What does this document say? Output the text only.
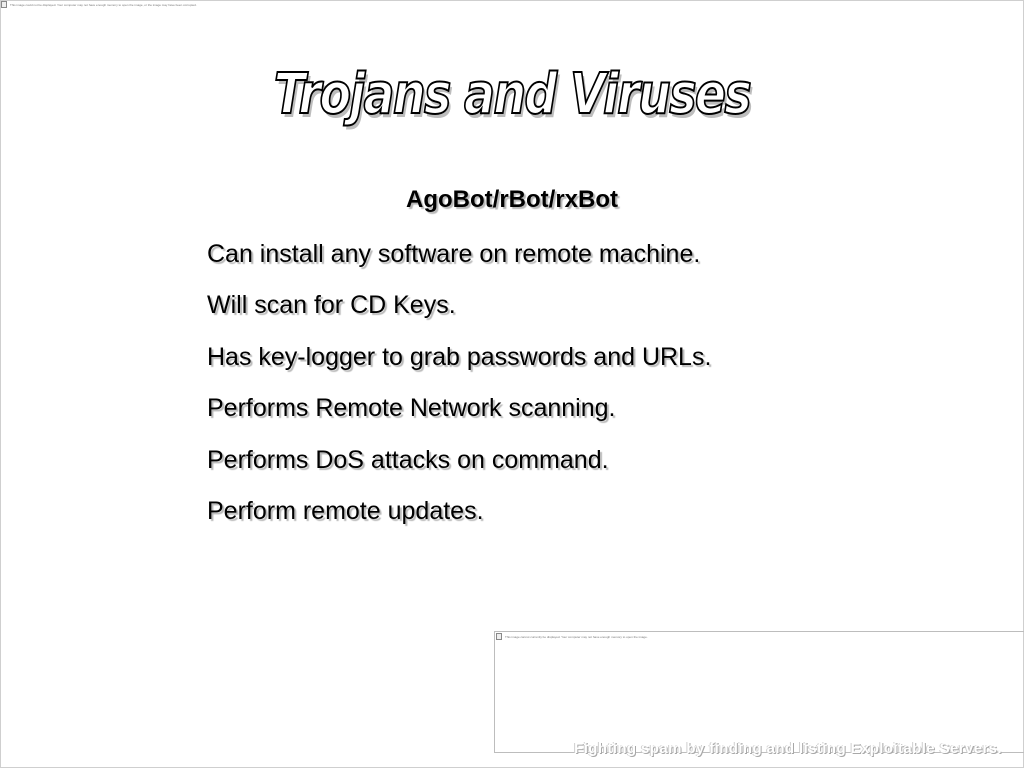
This image could not be displayed. Your computer may not have enough memory to open the image, or the image may have been corrupted.
Trojans and Viruses
AgoBot/rBot/rxBot
Can install any software on remote machine.
Will scan for CD Keys.
Has key-logger to grab passwords and URLs.
Performs Remote Network scanning.
Performs DoS attacks on command.
Perform remote updates.
This image cannot currently be displayed. Your computer may not have enough memory to open the image.
Fighting spam by finding and listing Exploitable Servers.
